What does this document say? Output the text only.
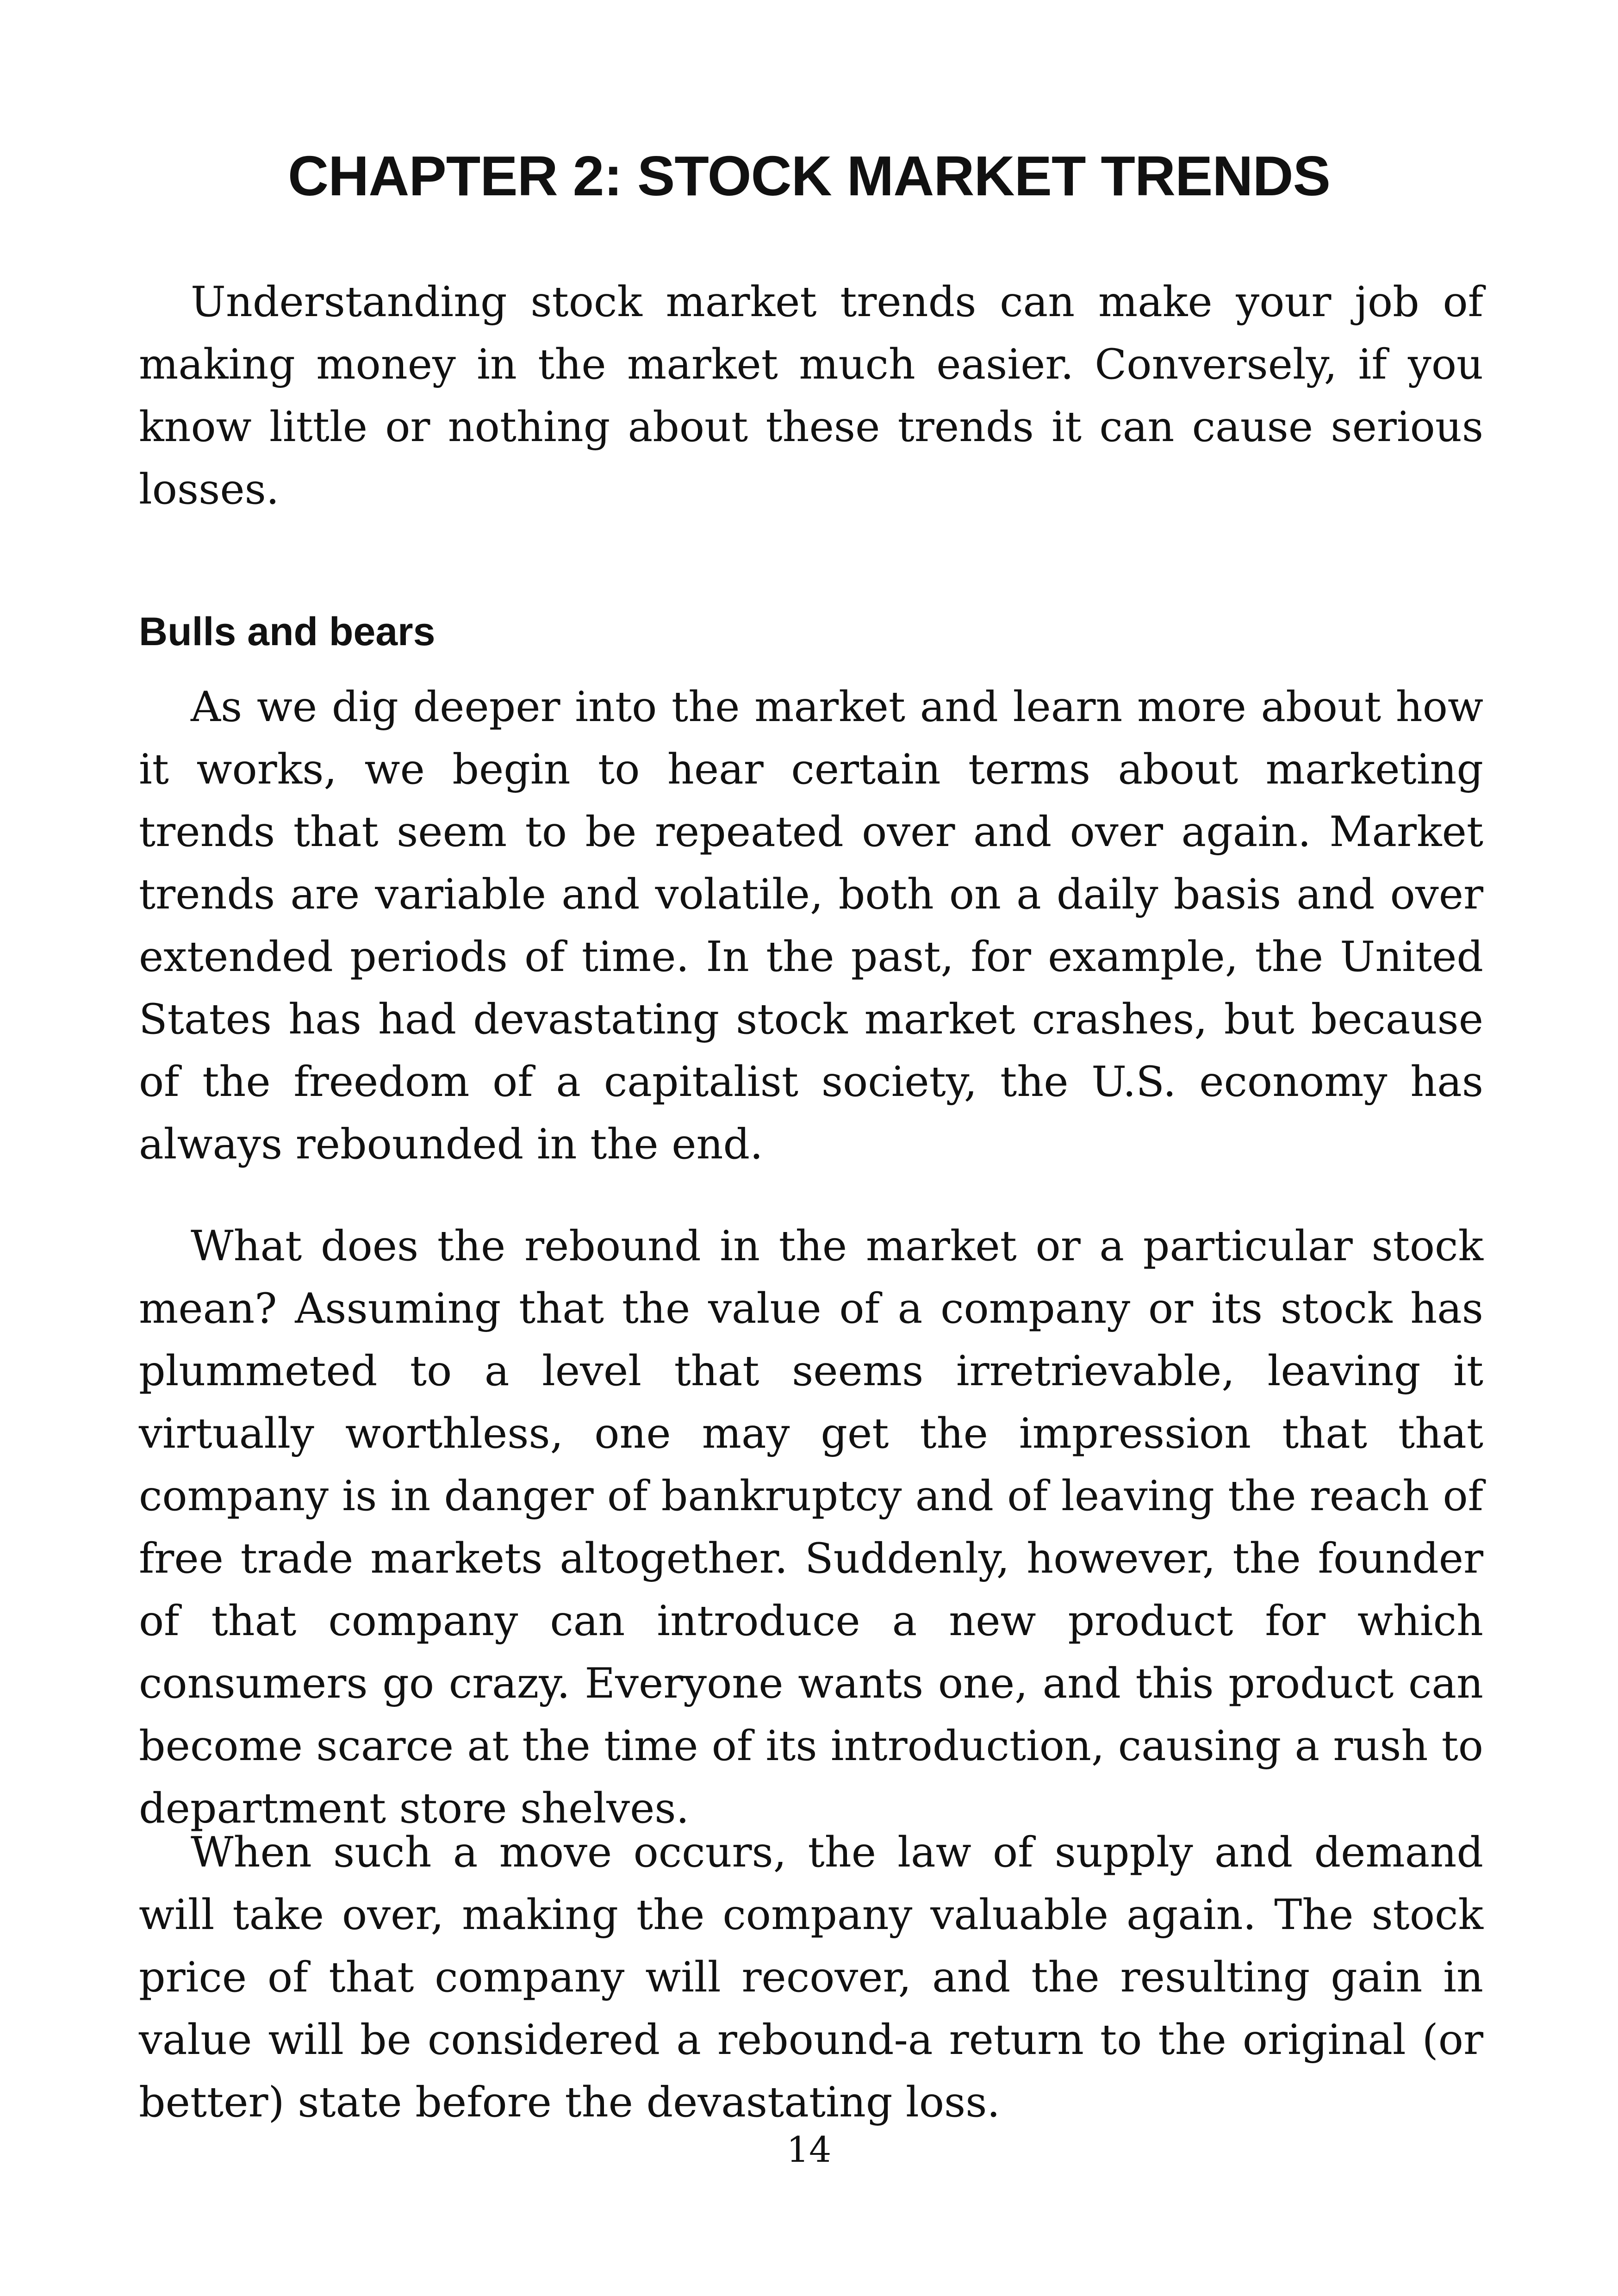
CHAPTER 2: STOCK MARKET TRENDS

Understanding stock market trends can make your job of making money in the market much easier. Conversely, if you know little or nothing about these trends it can cause serious losses.

Bulls and bears

As we dig deeper into the market and learn more about how it works, we begin to hear certain terms about marketing trends that seem to be repeated over and over again. Market trends are variable and volatile, both on a daily basis and over extended periods of time. In the past, for example, the United States has had devastating stock market crashes, but because of the freedom of a capitalist society, the U.S. economy has always rebounded in the end.

What does the rebound in the market or a particular stock mean? Assuming that the value of a company or its stock has plummeted to a level that seems irretrievable, leaving it virtually worthless, one may get the impression that that company is in danger of bankruptcy and of leaving the reach of free trade markets altogether. Suddenly, however, the founder of that company can introduce a new product for which consumers go crazy. Everyone wants one, and this product can become scarce at the time of its introduction, causing a rush to department store shelves.

When such a move occurs, the law of supply and demand will take over, making the company valuable again. The stock price of that company will recover, and the resulting gain in value will be considered a rebound-a return to the original (or better) state before the devastating loss.

14
